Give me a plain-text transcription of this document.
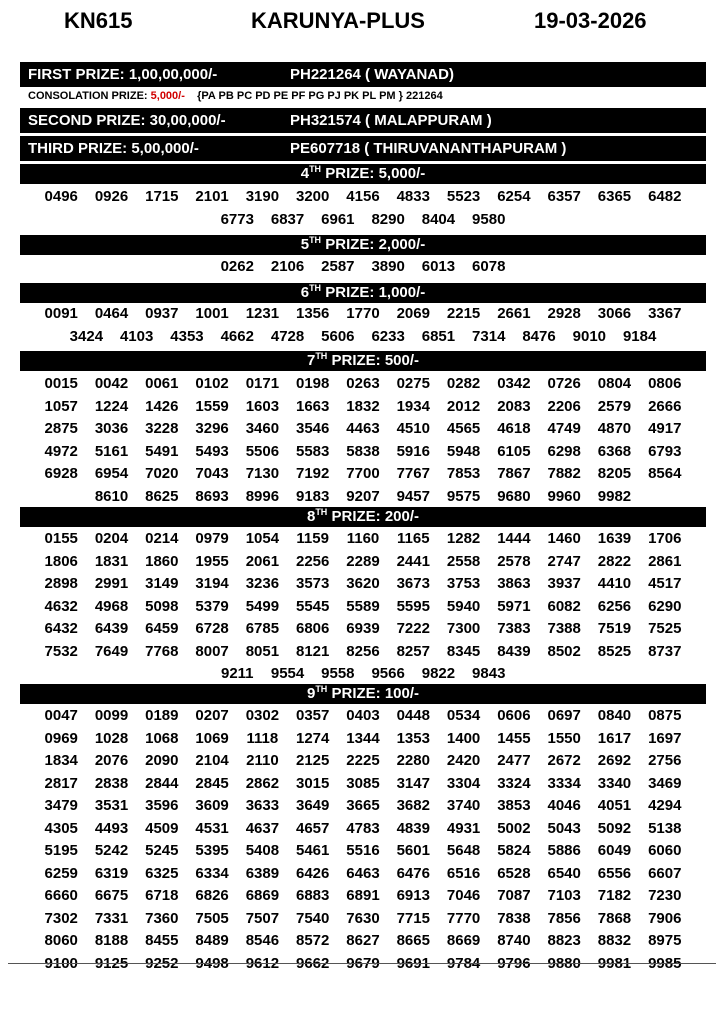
KN615	KARUNYA-PLUS	19-03-2026
FIRST PRIZE: 1,00,00,000/-	PH221264 ( WAYANAD)
CONSOLATION PRIZE: 5,000/- {PA PB PC PD PE PF PG PJ PK PL PM } 221264
SECOND PRIZE: 30,00,000/-	PH321574 ( MALAPPURAM )
THIRD PRIZE: 5,00,000/-	PE607718 ( THIRUVANANTHAPURAM )
4TH PRIZE: 5,000/-
0496	0926	1715	2101	3190	3200	4156	4833	5523	6254	6357	6365	6482
6773	6837	6961	8290	8404	9580
5TH PRIZE: 2,000/-
0262	2106	2587	3890	6013	6078
6TH PRIZE: 1,000/-
0091	0464	0937	1001	1231	1356	1770	2069	2215	2661	2928	3066	3367
3424	4103	4353	4662	4728	5606	6233	6851	7314	8476	9010	9184
7TH PRIZE: 500/-
0015	0042	0061	0102	0171	0198	0263	0275	0282	0342	0726	0804	0806
1057	1224	1426	1559	1603	1663	1832	1934	2012	2083	2206	2579	2666
2875	3036	3228	3296	3460	3546	4463	4510	4565	4618	4749	4870	4917
4972	5161	5491	5493	5506	5583	5838	5916	5948	6105	6298	6368	6793
6928	6954	7020	7043	7130	7192	7700	7767	7853	7867	7882	8205	8564
8610	8625	8693	8996	9183	9207	9457	9575	9680	9960	9982
8TH PRIZE: 200/-
0155	0204	0214	0979	1054	1159	1160	1165	1282	1444	1460	1639	1706
1806	1831	1860	1955	2061	2256	2289	2441	2558	2578	2747	2822	2861
2898	2991	3149	3194	3236	3573	3620	3673	3753	3863	3937	4410	4517
4632	4968	5098	5379	5499	5545	5589	5595	5940	5971	6082	6256	6290
6432	6439	6459	6728	6785	6806	6939	7222	7300	7383	7388	7519	7525
7532	7649	7768	8007	8051	8121	8256	8257	8345	8439	8502	8525	8737
9211	9554	9558	9566	9822	9843
9TH PRIZE: 100/-
0047	0099	0189	0207	0302	0357	0403	0448	0534	0606	0697	0840	0875
0969	1028	1068	1069	1118	1274	1344	1353	1400	1455	1550	1617	1697
1834	2076	2090	2104	2110	2125	2225	2280	2420	2477	2672	2692	2756
2817	2838	2844	2845	2862	3015	3085	3147	3304	3324	3334	3340	3469
3479	3531	3596	3609	3633	3649	3665	3682	3740	3853	4046	4051	4294
4305	4493	4509	4531	4637	4657	4783	4839	4931	5002	5043	5092	5138
5195	5242	5245	5395	5408	5461	5516	5601	5648	5824	5886	6049	6060
6259	6319	6325	6334	6389	6426	6463	6476	6516	6528	6540	6556	6607
6660	6675	6718	6826	6869	6883	6891	6913	7046	7087	7103	7182	7230
7302	7331	7360	7505	7507	7540	7630	7715	7770	7838	7856	7868	7906
8060	8188	8455	8489	8546	8572	8627	8665	8669	8740	8823	8832	8975
9100	9125	9252	9498	9612	9662	9679	9691	9784	9796	9880	9981	9985
